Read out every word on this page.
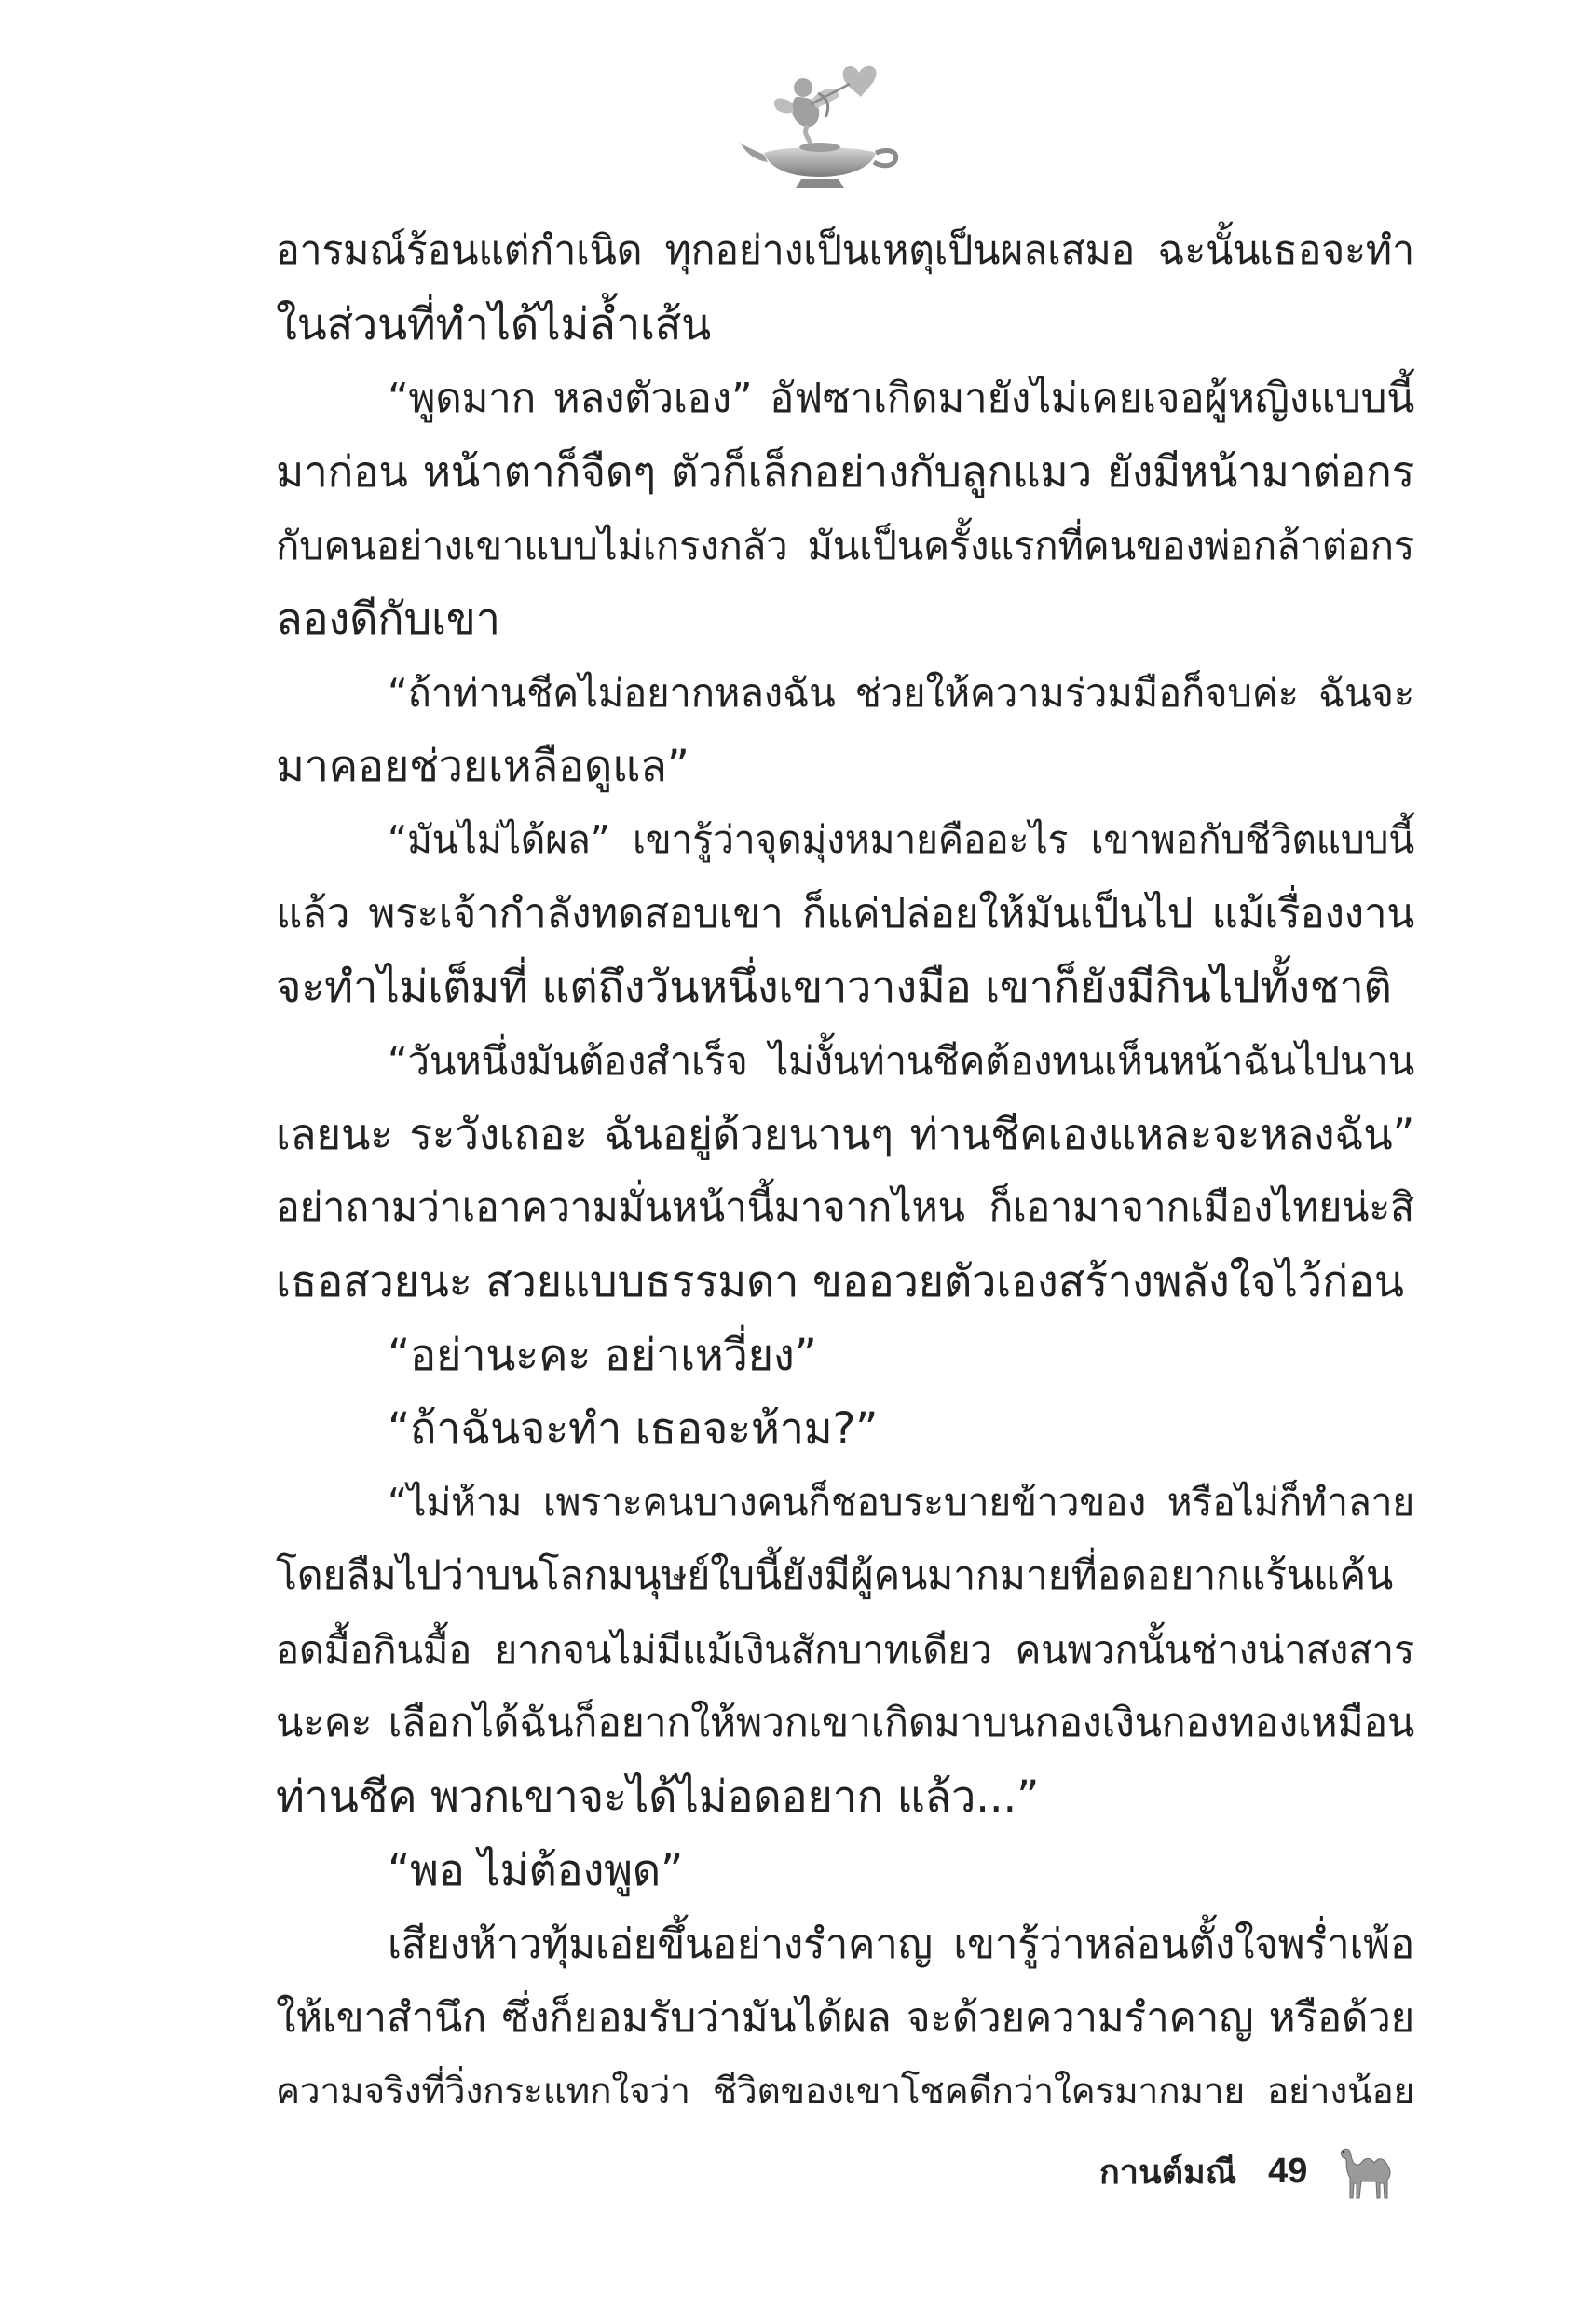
อารมณ์ร้อนแต่กำเนิด ทุกอย่างเป็นเหตุเป็นผลเสมอ ฉะนั้นเธอจะทำ
ในส่วนที่ทำได้ไม่ล้ำเส้น
“พูดมาก หลงตัวเอง” อัฟซาเกิดมายังไม่เคยเจอผู้หญิงแบบนี้
มาก่อน หน้าตาก็จืดๆ ตัวก็เล็กอย่างกับลูกแมว ยังมีหน้ามาต่อกร
กับคนอย่างเขาแบบไม่เกรงกลัว มันเป็นครั้งแรกที่คนของพ่อกล้าต่อกร
ลองดีกับเขา
“ถ้าท่านชีคไม่อยากหลงฉัน ช่วยให้ความร่วมมือก็จบค่ะ ฉันจะ
มาคอยช่วยเหลือดูแล”
“มันไม่ได้ผล” เขารู้ว่าจุดมุ่งหมายคืออะไร เขาพอกับชีวิตแบบนี้
แล้ว พระเจ้ากำลังทดสอบเขา ก็แค่ปล่อยให้มันเป็นไป แม้เรื่องงาน
จะทำไม่เต็มที่ แต่ถึงวันหนึ่งเขาวางมือ เขาก็ยังมีกินไปทั้งชาติ
“วันหนึ่งมันต้องสำเร็จ ไม่งั้นท่านชีคต้องทนเห็นหน้าฉันไปนาน
เลยนะ ระวังเถอะ ฉันอยู่ด้วยนานๆ ท่านชีคเองแหละจะหลงฉัน”
อย่าถามว่าเอาความมั่นหน้านี้มาจากไหน ก็เอามาจากเมืองไทยน่ะสิ
เธอสวยนะ สวยแบบธรรมดา ขออวยตัวเองสร้างพลังใจไว้ก่อน
“อย่านะคะ อย่าเหวี่ยง”
“ถ้าฉันจะทำ เธอจะห้าม?”
“ไม่ห้าม เพราะคนบางคนก็ชอบระบายข้าวของ หรือไม่ก็ทำลาย
โดยลืมไปว่าบนโลกมนุษย์ใบนี้ยังมีผู้คนมากมายที่อดอยากแร้นแค้น
อดมื้อกินมื้อ ยากจนไม่มีแม้เงินสักบาทเดียว คนพวกนั้นช่างน่าสงสาร
นะคะ เลือกได้ฉันก็อยากให้พวกเขาเกิดมาบนกองเงินกองทองเหมือน
ท่านชีค พวกเขาจะได้ไม่อดอยาก แล้ว...”
“พอ ไม่ต้องพูด”
เสียงห้าวทุ้มเอ่ยขึ้นอย่างรำคาญ เขารู้ว่าหล่อนตั้งใจพร่ำเพ้อ
ให้เขาสำนึก ซึ่งก็ยอมรับว่ามันได้ผล จะด้วยความรำคาญ หรือด้วย
ความจริงที่วิ่งกระแทกใจว่า ชีวิตของเขาโชคดีกว่าใครมากมาย อย่างน้อย
กานต์มณี 49
